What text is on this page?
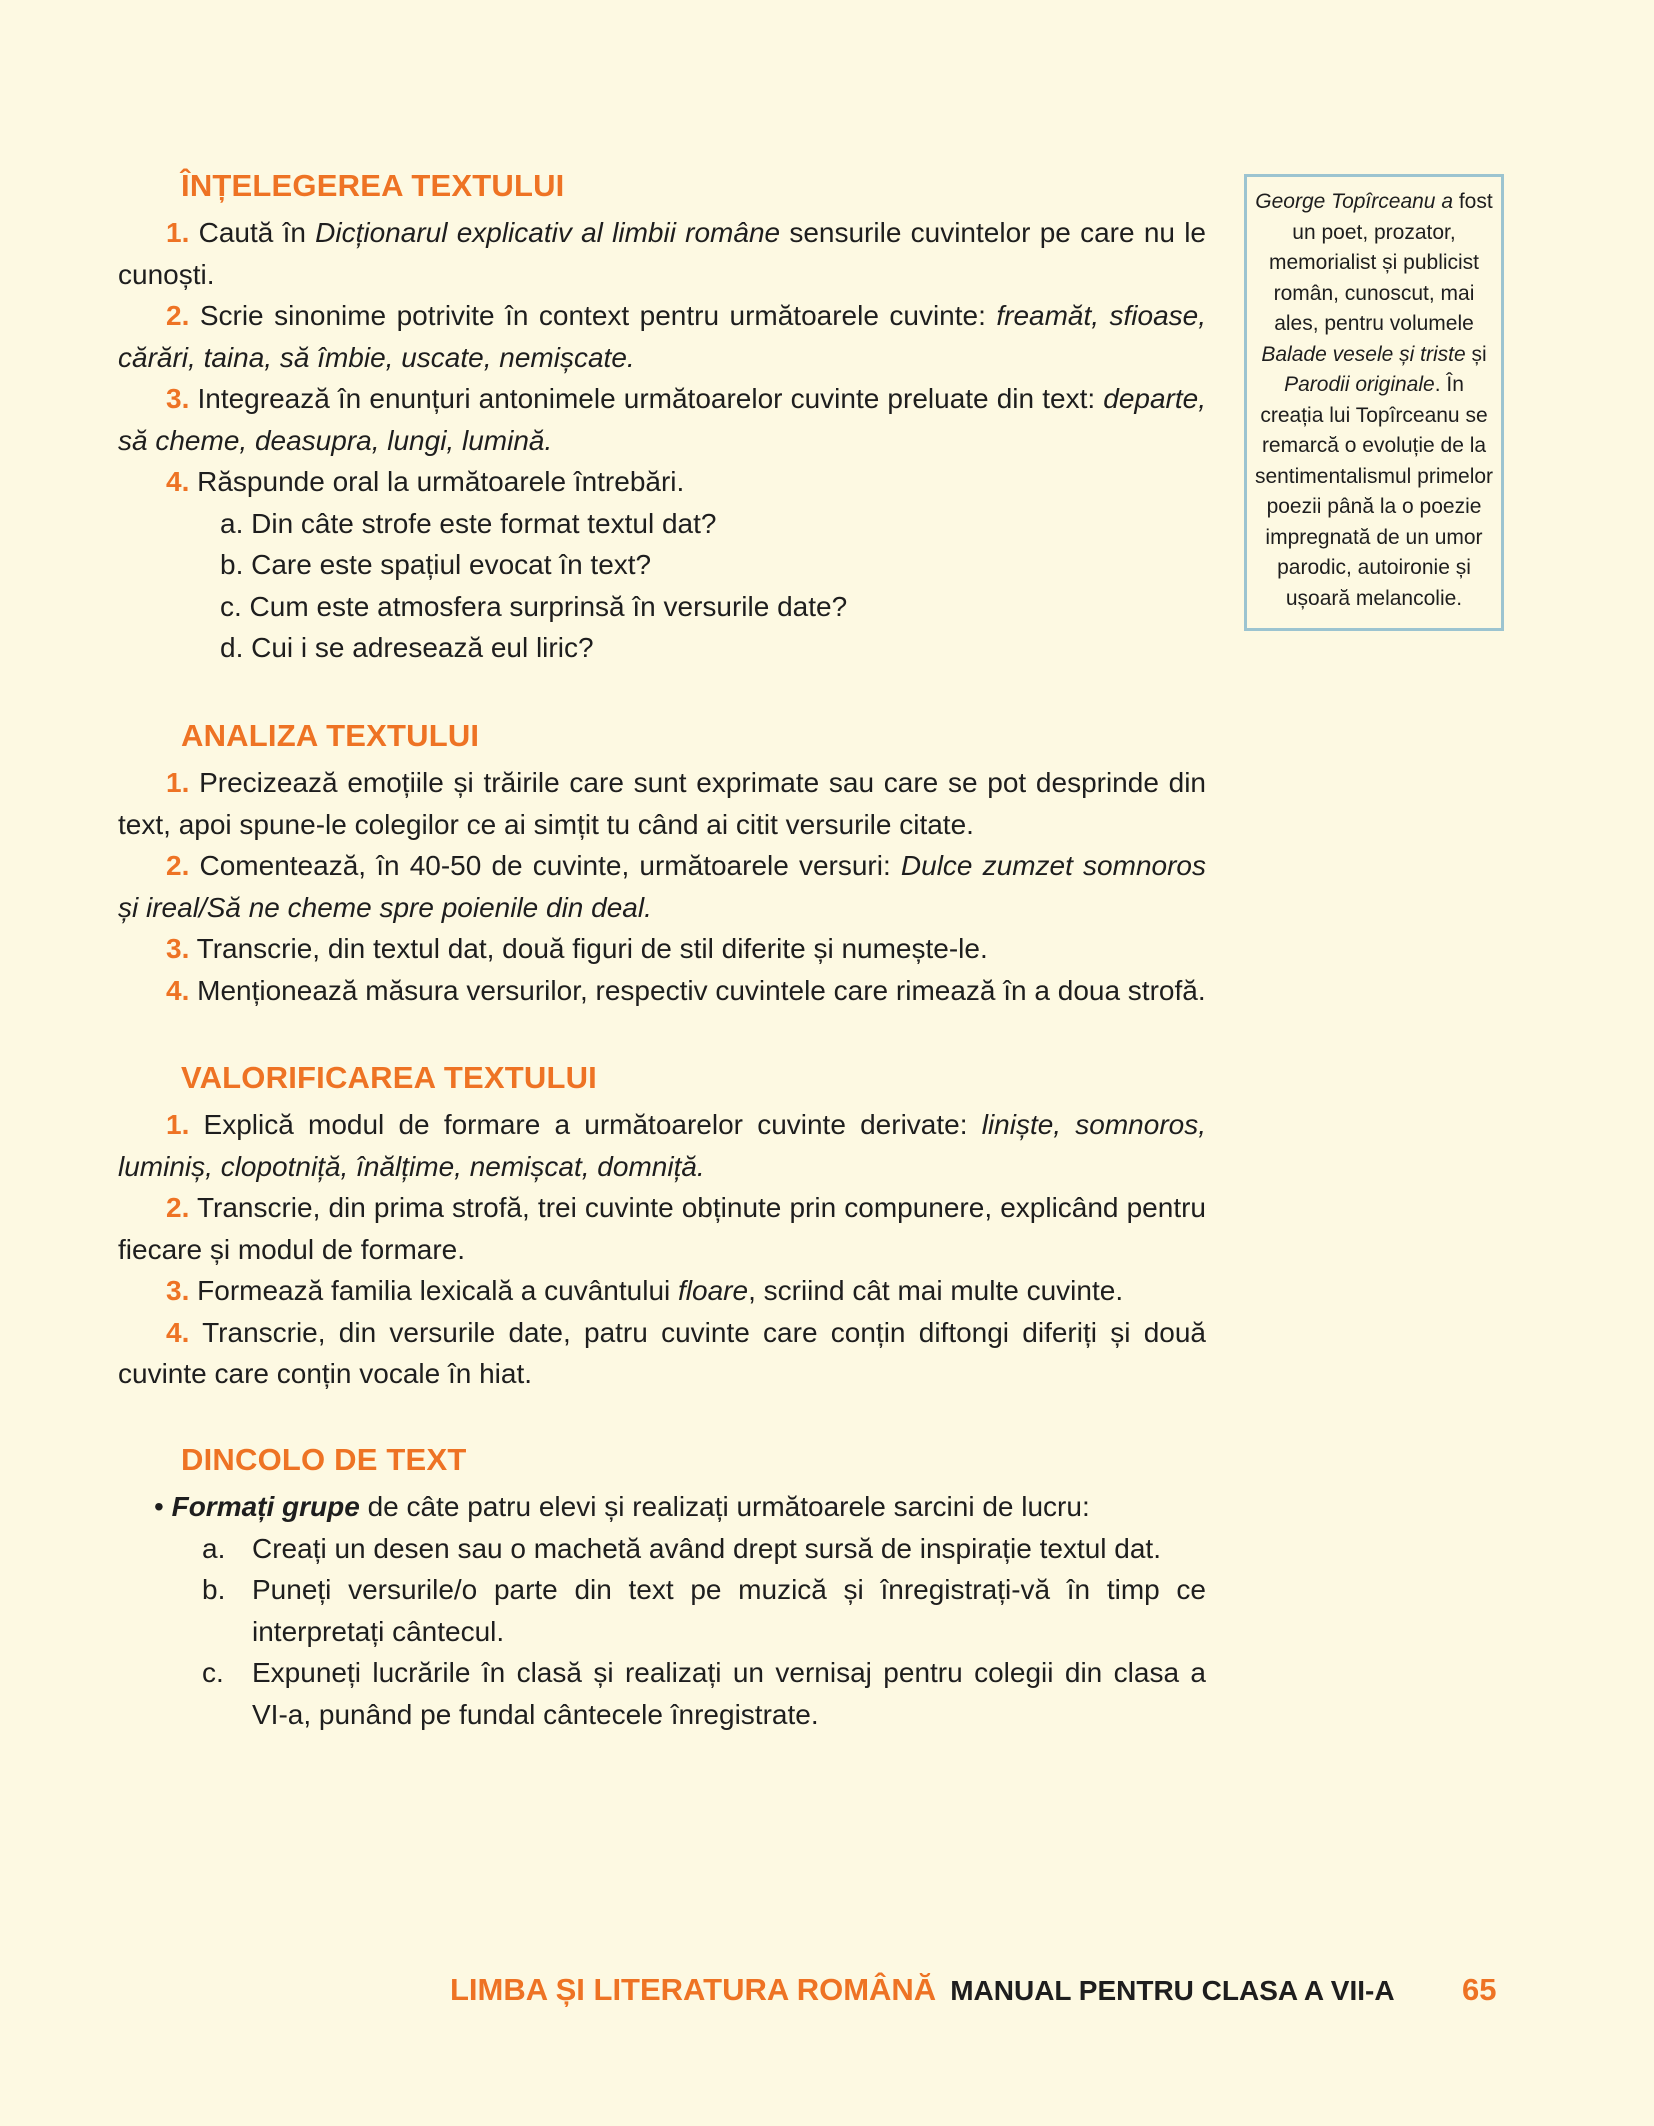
ÎNȚELEGEREA TEXTULUI

1. Caută în Dicționarul explicativ al limbii române sensurile cuvintelor pe care nu le cunoști.

2. Scrie sinonime potrivite în context pentru următoarele cuvinte: freamăt, sfioase, cărări, taina, să îmbie, uscate, nemișcate.

3. Integrează în enunțuri antonimele următoarelor cuvinte preluate din text: departe, să cheme, deasupra, lungi, lumină.

4. Răspunde oral la următoarele întrebări.

a. Din câte strofe este format textul dat?
b. Care este spațiul evocat în text?
c. Cum este atmosfera surprinsă în versurile date?
d. Cui i se adresează eul liric?
ANALIZA TEXTULUI

1. Precizează emoțiile și trăirile care sunt exprimate sau care se pot desprinde din text, apoi spune-le colegilor ce ai simțit tu când ai citit versurile citate.

2. Comentează, în 40-50 de cuvinte, următoarele versuri: Dulce zumzet somnoros și ireal/Să ne cheme spre poienile din deal.

3. Transcrie, din textul dat, două figuri de stil diferite și numește-le.

4. Menționează măsura versurilor, respectiv cuvintele care rimează în a doua strofă.

VALORIFICAREA TEXTULUI

1. Explică modul de formare a următoarelor cuvinte derivate: liniște, somnoros, luminiș, clopotniță, înălțime, nemișcat, domniță.

2. Transcrie, din prima strofă, trei cuvinte obținute prin compunere, explicând pentru fiecare și modul de formare.

3. Formează familia lexicală a cuvântului floare, scriind cât mai multe cuvinte.

4. Transcrie, din versurile date, patru cuvinte care conțin diftongi diferiți și două cuvinte care conțin vocale în hiat.

DINCOLO DE TEXT
• Formați grupe de câte patru elevi și realizați următoarele sarcini de lucru:
a. Creați un desen sau o machetă având drept sursă de inspirație textul dat.
b. Puneți versurile/o parte din text pe muzică și înregistrați-vă în timp ce interpretați cântecul.
c.	Expuneți lucrările în clasă și realizați un vernisaj pentru colegii din clasa a VI-a, punând pe fundal cântecele înregistrate.
George Topîrceanu a fost un poet, prozator, memorialist și publicist român, cunoscut, mai ales, pentru volumele Balade vesele și triste și Parodii originale. În creația lui Topîrceanu se remarcă o evoluție de la sentimentalismul primelor poezii până la o poezie impregnată de un umor parodic, autoironie și ușoară melancolie.
LIMBA ȘI LITERATURA ROMÂNĂ MANUAL PENTRU CLASA A VII-A 65
